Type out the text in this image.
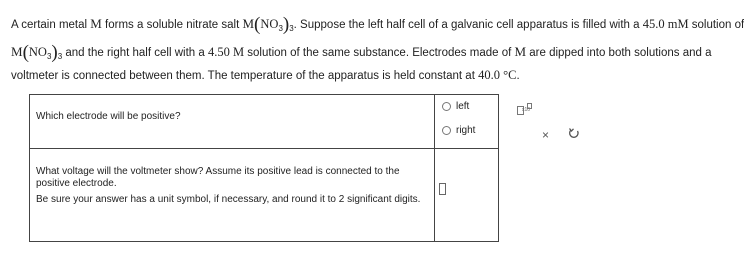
A certain metal M forms a soluble nitrate salt $M(NO_3)_3$. Suppose the left half cell of a galvanic cell apparatus is filled with a 45.0 mM solution of

$M(NO_3)_3$ and the right half cell with a 4.50 M solution of the same substance. Electrodes made of M are dipped into both solutions and a

voltmeter is connected between them. The temperature of the apparatus is held constant at 40.0 °C.

Which electrode will be positive?
left
right
What voltage will the voltmeter show? Assume its positive lead is connected to the positive electrode.
Be sure your answer has a unit symbol, if necessary, and round it to 2 significant digits.
x10
×
